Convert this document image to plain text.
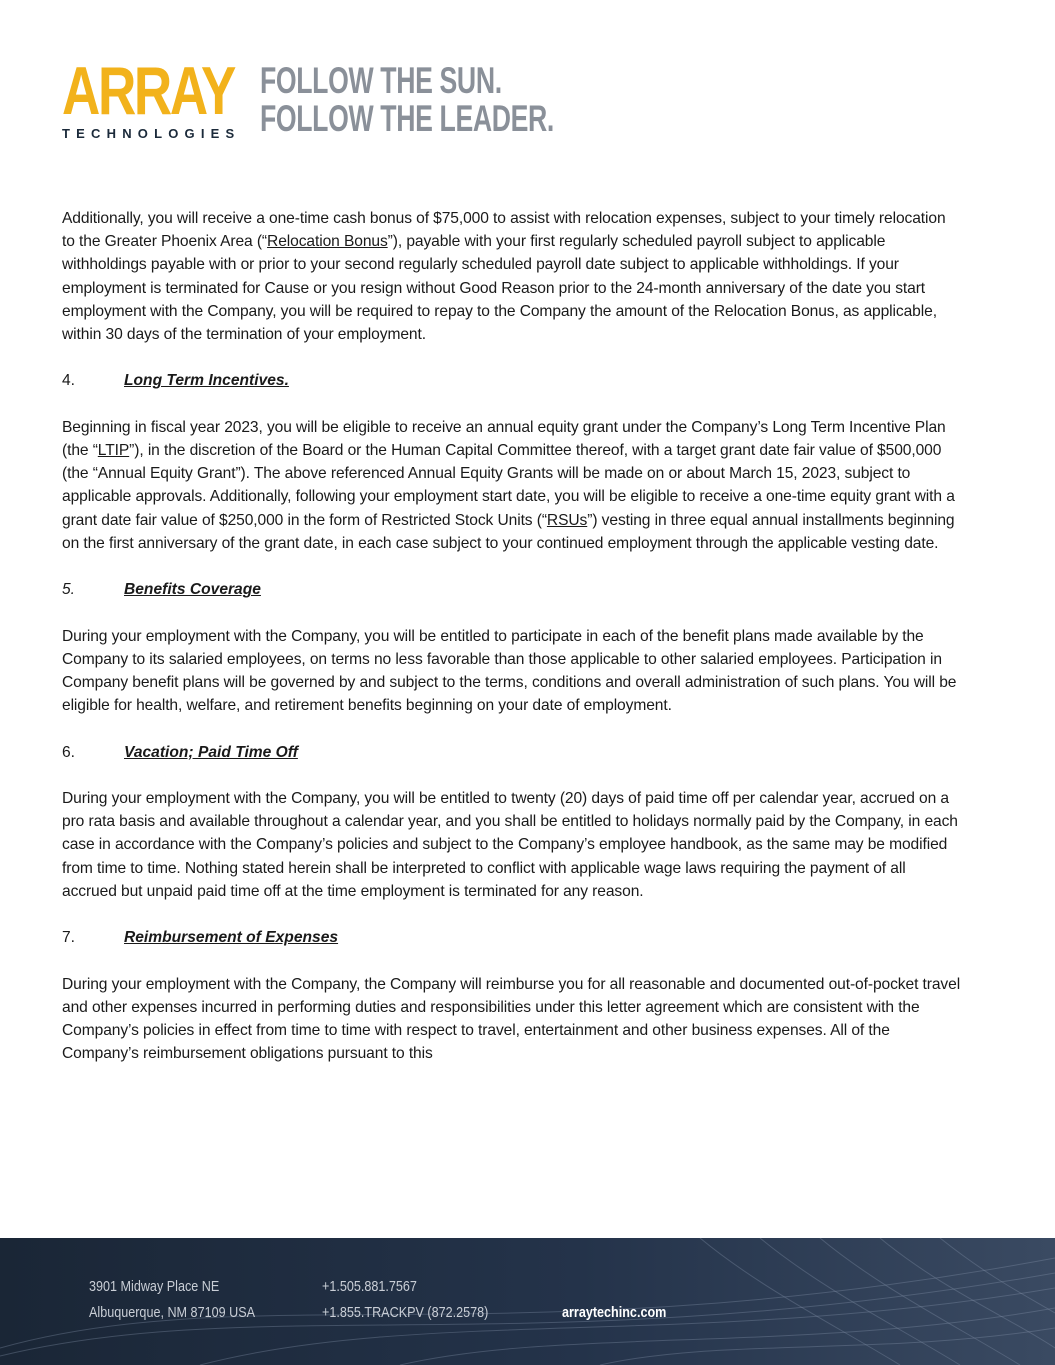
ARRAY
TECHNOLOGIES
FOLLOW THE SUN.
FOLLOW THE LEADER.

Additionally, you will receive a one-time cash bonus of $75,000 to assist with relocation expenses, subject to your timely relocation to the Greater Phoenix Area (“Relocation Bonus”), payable with your first regularly scheduled payroll subject to applicable withholdings payable with or prior to your second regularly scheduled payroll date subject to applicable withholdings. If your employment is terminated for Cause or you resign without Good Reason prior to the 24-month anniversary of the date you start employment with the Company, you will be required to repay to the Company the amount of the Relocation Bonus, as applicable, within 30 days of the termination of your employment.

4.	Long Term Incentives.

Beginning in fiscal year 2023, you will be eligible to receive an annual equity grant under the Company’s Long Term Incentive Plan (the “LTIP”), in the discretion of the Board or the Human Capital Committee thereof, with a target grant date fair value of $500,000 (the “Annual Equity Grant”). The above referenced Annual Equity Grants will be made on or about March 15, 2023, subject to applicable approvals. Additionally, following your employment start date, you will be eligible to receive a one-time equity grant with a grant date fair value of $250,000 in the form of Restricted Stock Units (“RSUs”) vesting in three equal annual installments beginning on the first anniversary of the grant date, in each case subject to your continued employment through the applicable vesting date.

5.	Benefits Coverage

During your employment with the Company, you will be entitled to participate in each of the benefit plans made available by the Company to its salaried employees, on terms no less favorable than those applicable to other salaried employees. Participation in Company benefit plans will be governed by and subject to the terms, conditions and overall administration of such plans. You will be eligible for health, welfare, and retirement benefits beginning on your date of employment.

6.	Vacation; Paid Time Off

During your employment with the Company, you will be entitled to twenty (20) days of paid time off per calendar year, accrued on a pro rata basis and available throughout a calendar year, and you shall be entitled to holidays normally paid by the Company, in each case in accordance with the Company’s policies and subject to the Company’s employee handbook, as the same may be modified from time to time. Nothing stated herein shall be interpreted to conflict with applicable wage laws requiring the payment of all accrued but unpaid paid time off at the time employment is terminated for any reason.

7.	Reimbursement of Expenses

During your employment with the Company, the Company will reimburse you for all reasonable and documented out-of-pocket travel and other expenses incurred in performing duties and responsibilities under this letter agreement which are consistent with the Company’s policies in effect from time to time with respect to travel, entertainment and other business expenses. All of the Company’s reimbursement obligations pursuant to this

3901 Midway Place NE
Albuquerque, NM 87109 USA
+1.505.881.7567
+1.855.TRACKPV (872.2578)	arraytechinc.com
